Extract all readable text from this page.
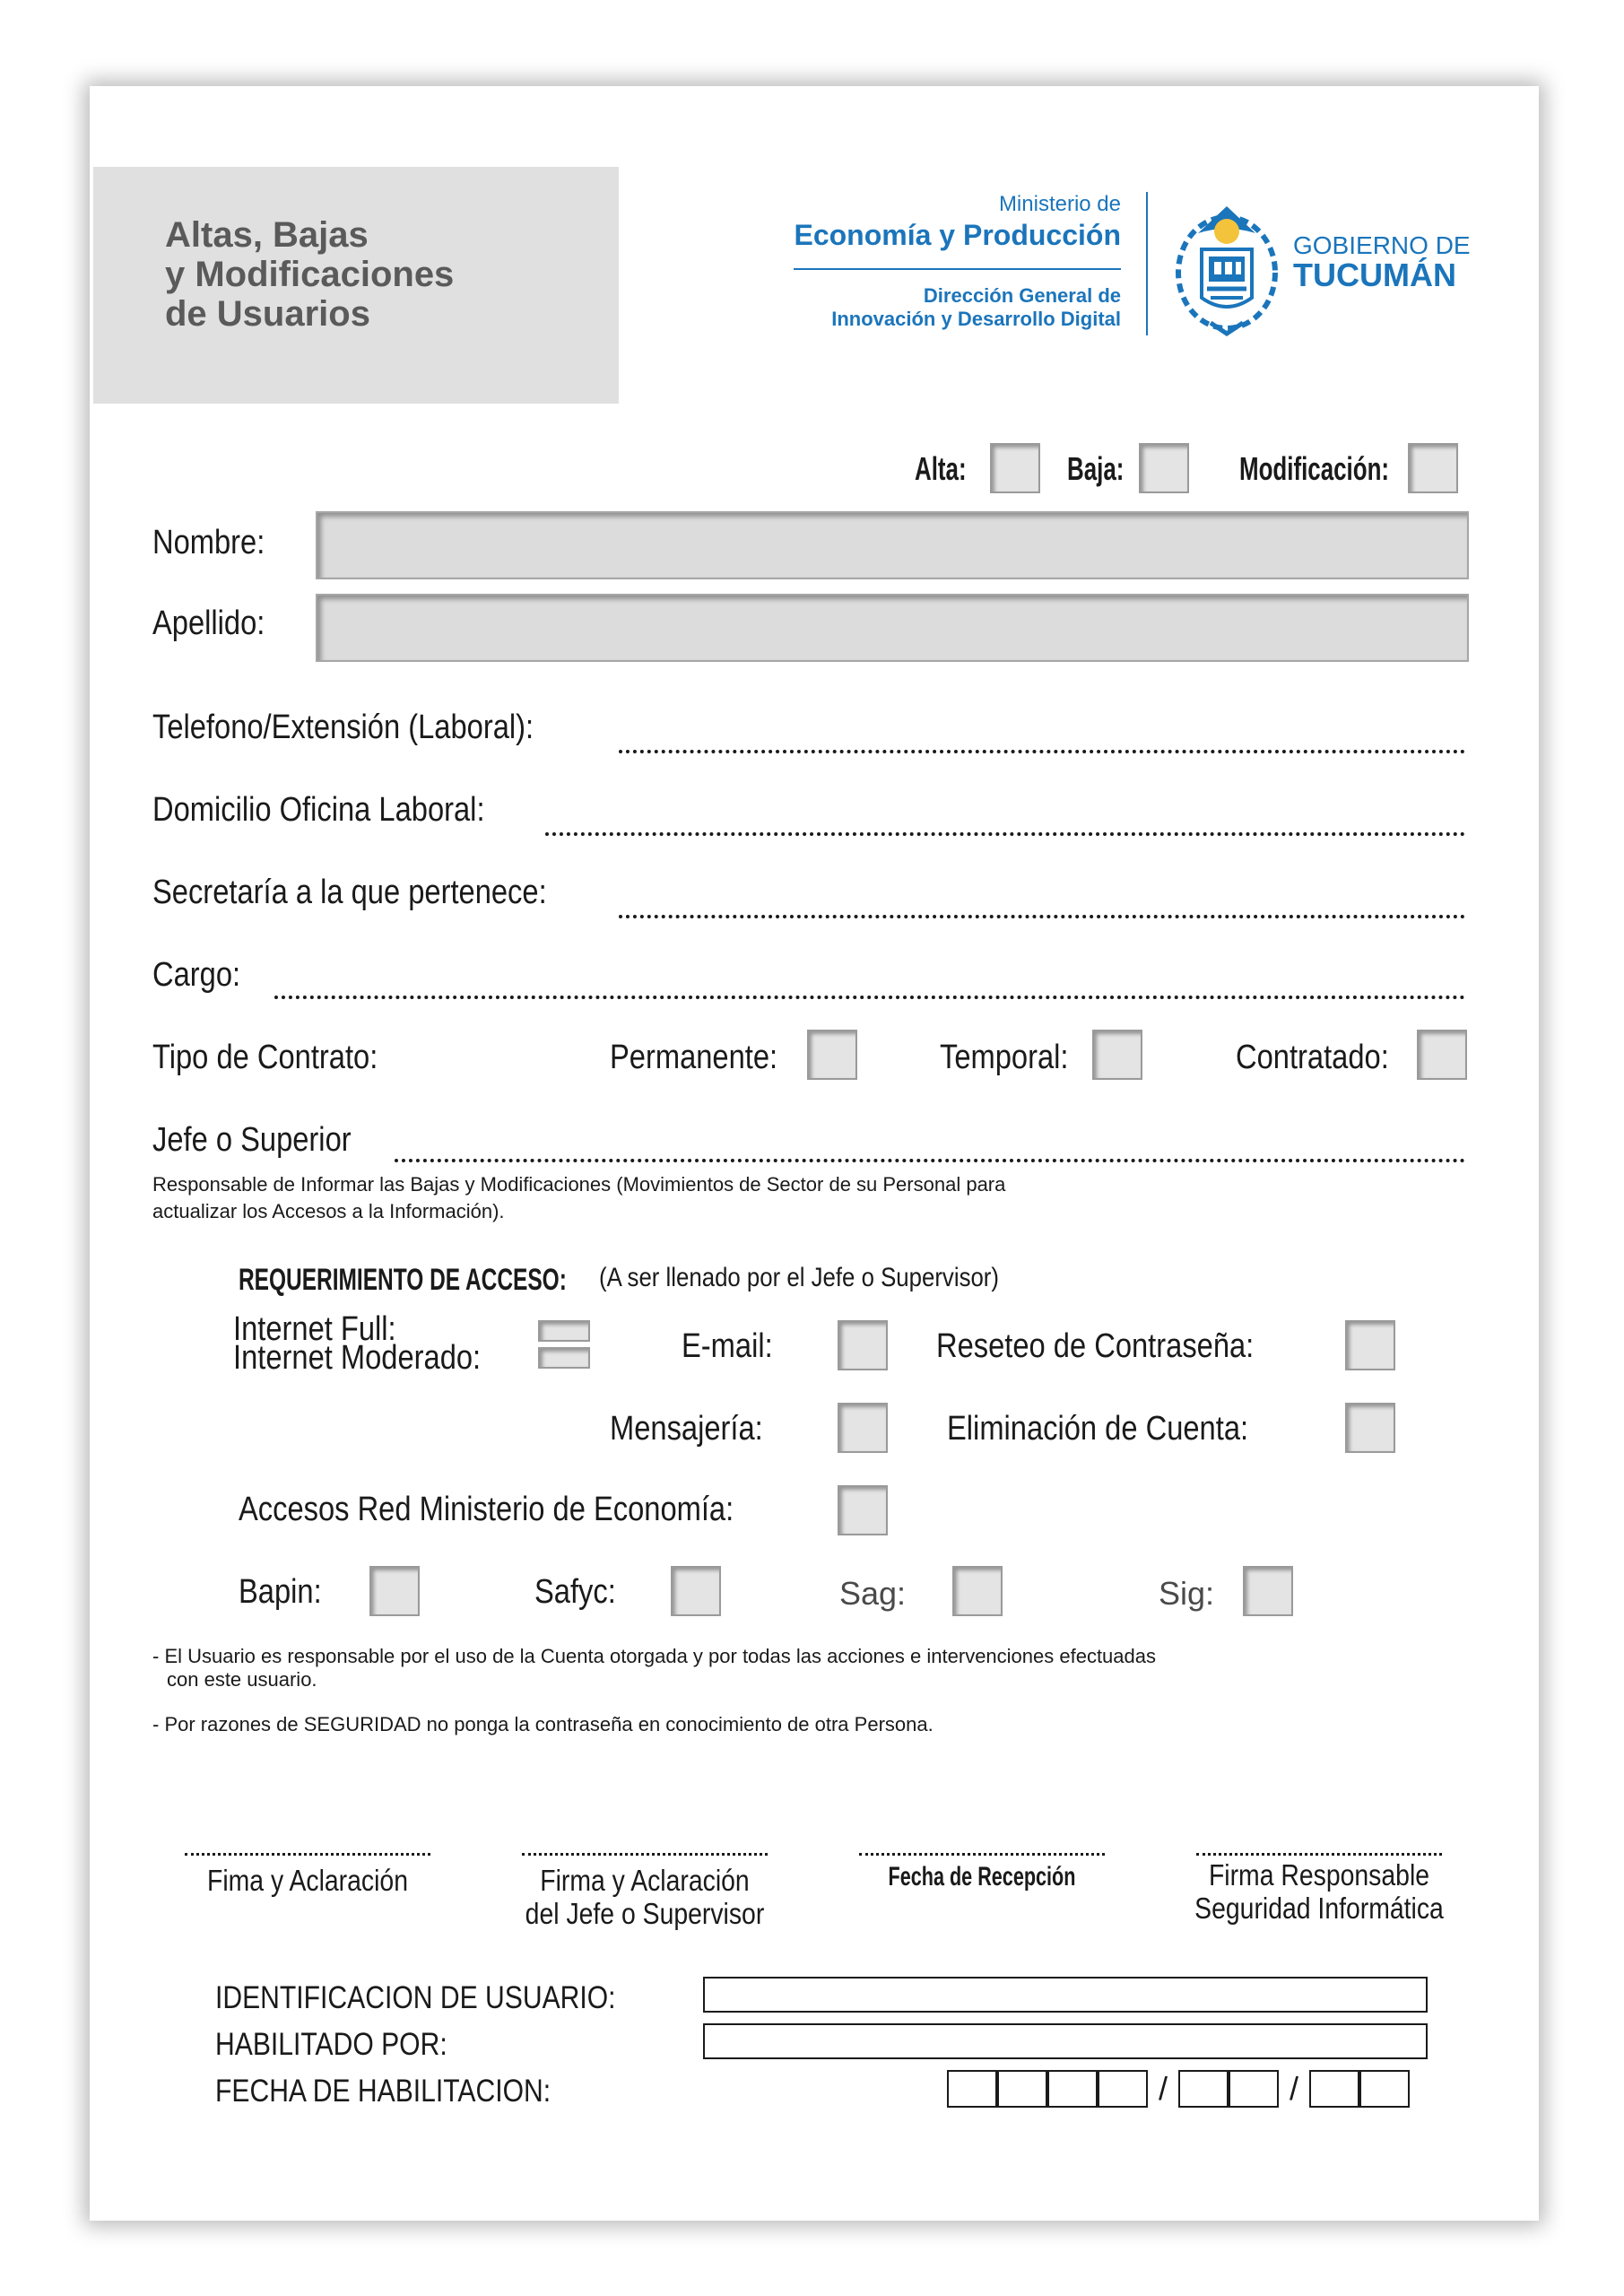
Altas, Bajas
y Modificaciones
de Usuarios
Ministerio de
Economía y Producción
Dirección General de
Innovación y Desarrollo Digital
GOBIERNO DE
TUCUMÁN
Alta:	Baja:	Modificación:
Nombre:
Apellido:
Telefono/Extensión (Laboral):
Domicilio Oficina Laboral:
Secretaría a la que pertenece:
Cargo:
Tipo de Contrato:	Permanente:	Temporal:	Contratado:
Jefe o Superior
Responsable de Informar las Bajas y Modificaciones (Movimientos de Sector de su Personal para
actualizar los Accesos a la Información).
REQUERIMIENTO DE ACCESO: (A ser llenado por el Jefe o Supervisor)
Internet Full:
Internet Moderado:	E-mail:	Reseteo de Contraseña:
Mensajería:	Eliminación de Cuenta:
Accesos Red Ministerio de Economía:
Bapin:	Safyc:	Sag:	Sig:
- El Usuario es responsable por el uso de la Cuenta otorgada y por todas las acciones e intervenciones efectuadas
con este usuario.
- Por razones de SEGURIDAD no ponga la contraseña en conocimiento de otra Persona.
Fima y Aclaración	Firma y Aclaración
del Jefe o Supervisor
Fecha de Recepción	Firma Responsable
Seguridad Informática
IDENTIFICACION DE USUARIO:
HABILITADO POR:
FECHA DE HABILITACION:	/	/
